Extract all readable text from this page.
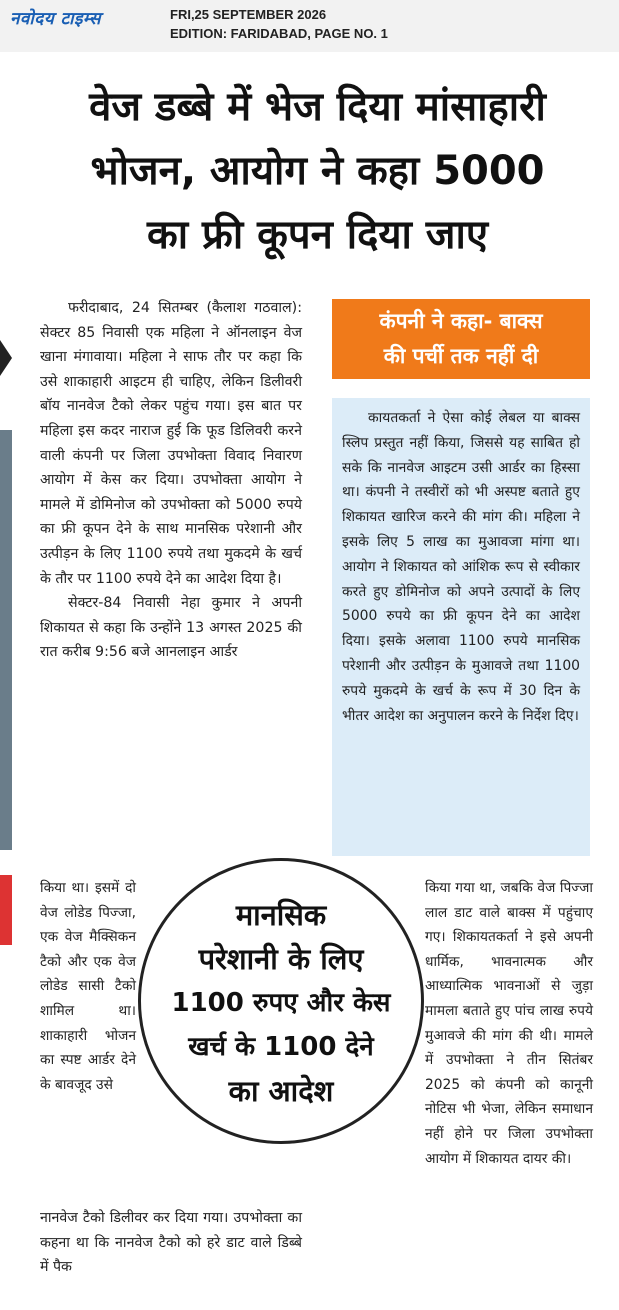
नवोदय टाइम्स	FRI,25 SEPTEMBER 2026
EDITION: FARIDABAD, PAGE NO. 1
वेज डब्बे में भेज दिया मांसाहारी
भोजन, आयोग ने कहा 5000
का फ्री कूपन दिया जाए

फरीदाबाद, 24 सितम्बर (कैलाश गठवाल): सेक्टर 85 निवासी एक महिला ने ऑनलाइन वेज खाना मंगावाया। महिला ने साफ तौर पर कहा कि उसे शाकाहारी आइटम ही चाहिए, लेकिन डिलीवरी बॉय नानवेज टैको लेकर पहुंच गया। इस बात पर महिला इस कदर नाराज हुई कि फूड डिलिवरी करने वाली कंपनी पर जिला उपभोक्ता विवाद निवारण आयोग में केस कर दिया। उपभोक्ता आयोग ने मामले में डोमिनोज को उपभोक्ता को 5000 रुपये का फ्री कूपन देने के साथ मानसिक परेशानी और उत्पीड़न के लिए 1100 रुपये तथा मुकदमे के खर्च के तौर पर 1100 रुपये देने का आदेश दिया है।

सेक्टर-84 निवासी नेहा कुमार ने अपनी शिकायत से कहा कि उन्होंने 13 अगस्त 2025 की रात करीब 9:56 बजे आनलाइन आर्डर

किया था। इसमें दो वेज लोडेड पिज्जा, एक वेज मैक्सिकन टैको और एक वेज लोडेड सासी टैको शामिल था। शाकाहारी भोजन का स्पष्ट आर्डर देने के बावजूद उसे

नानवेज टैको डिलीवर कर दिया गया। उपभोक्ता का कहना था कि नानवेज टैको को हरे डाट वाले डिब्बे में पैक

कंपनी ने कहा- बाक्स
की पर्ची तक नहीं दी

कायतकर्ता ने ऐसा कोई लेबल या बाक्स स्लिप प्रस्तुत नहीं किया, जिससे यह साबित हो सके कि नानवेज आइटम उसी आर्डर का हिस्सा था। कंपनी ने तस्वीरों को भी अस्पष्ट बताते हुए शिकायत खारिज करने की मांग की। महिला ने इसके लिए 5 लाख का मुआवजा मांगा था। आयोग ने शिकायत को आंशिक रूप से स्वीकार करते हुए डोमिनोज को अपने उत्पादों के लिए 5000 रुपये का फ्री कूपन देने का आदेश दिया। इसके अलावा 1100 रुपये मानसिक परेशानी और उत्पीड़न के मुआवजे तथा 1100 रुपये मुकदमे के खर्च के रूप में 30 दिन के भीतर आदेश का अनुपालन करने के निर्देश दिए।

किया गया था, जबकि वेज पिज्जा लाल डाट वाले बाक्स में पहुंचाए गए। शिकायतकर्ता ने इसे अपनी धार्मिक, भावनात्मक और आध्यात्मिक भावनाओं से जुड़ा मामला बताते हुए पांच लाख रुपये मुआवजे की मांग की थी। मामले में उपभोक्ता ने तीन सितंबर 2025 को कंपनी को कानूनी नोटिस भी भेजा, लेकिन समाधान नहीं होने पर जिला उपभोक्ता आयोग में शिकायत दायर की।

मानसिक
परेशानी के लिए
1100 रुपए और केस
खर्च के 1100 देने
का आदेश
